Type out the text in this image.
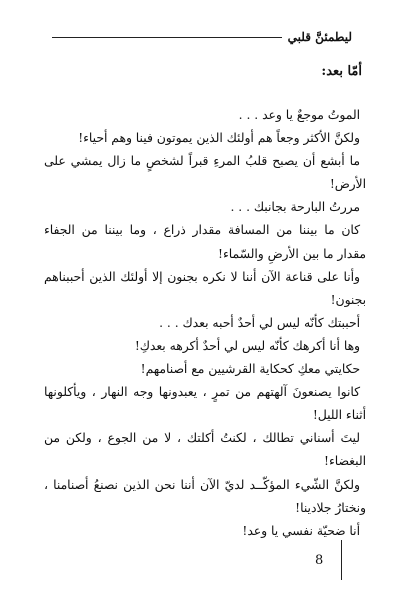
ليطمئنَّ قلبي
أمّا بعد:

الموتُ موجعٌ يا وعد . . .

ولكنَّ الأكثر وجعاً هم أولئك الذين يموتون فينا وهم أحياء!

ما أبشع أن يصبح قلبُ المرءِ قبراً لشخصٍ ما زال يمشي على الأرض!

مررتُ البارحة بجانبك . . .

كان ما بيننا من المسافة مقدار ذراع ، وما بيننا من الجفاء مقدار ما بين الأرضِ والسّماء!

وأنا على قناعة الآن أننا لا نكره بجنون إلا أولئك الذين أحببناهم بجنون!

أحببتك كأنّه ليس لي أحدٌ أحبه بعدك . . .

وها أنا أكرهك كأنّه ليس لي أحدٌ أكرهه بعدكِ!

حكايتي معكِ كحكاية القرشيين مع أصنامهم!

كانوا يصنعونَ آلهتهم من تمرٍ ، يعبدونها وجه النهار ، ويأكلونها أثناء الليل!

ليتَ أسناني تطالك ، لكنتُ أكلتك ، لا من الجوع ، ولكن من البغضاء!

ولكنَّ الشّيء المؤكّــد لديّ الآن أننا نحن الذين نصنعُ أصنامنا ، ونختارُ جلادينا!

أنا ضحيّة نفسي يا وعد!

8
